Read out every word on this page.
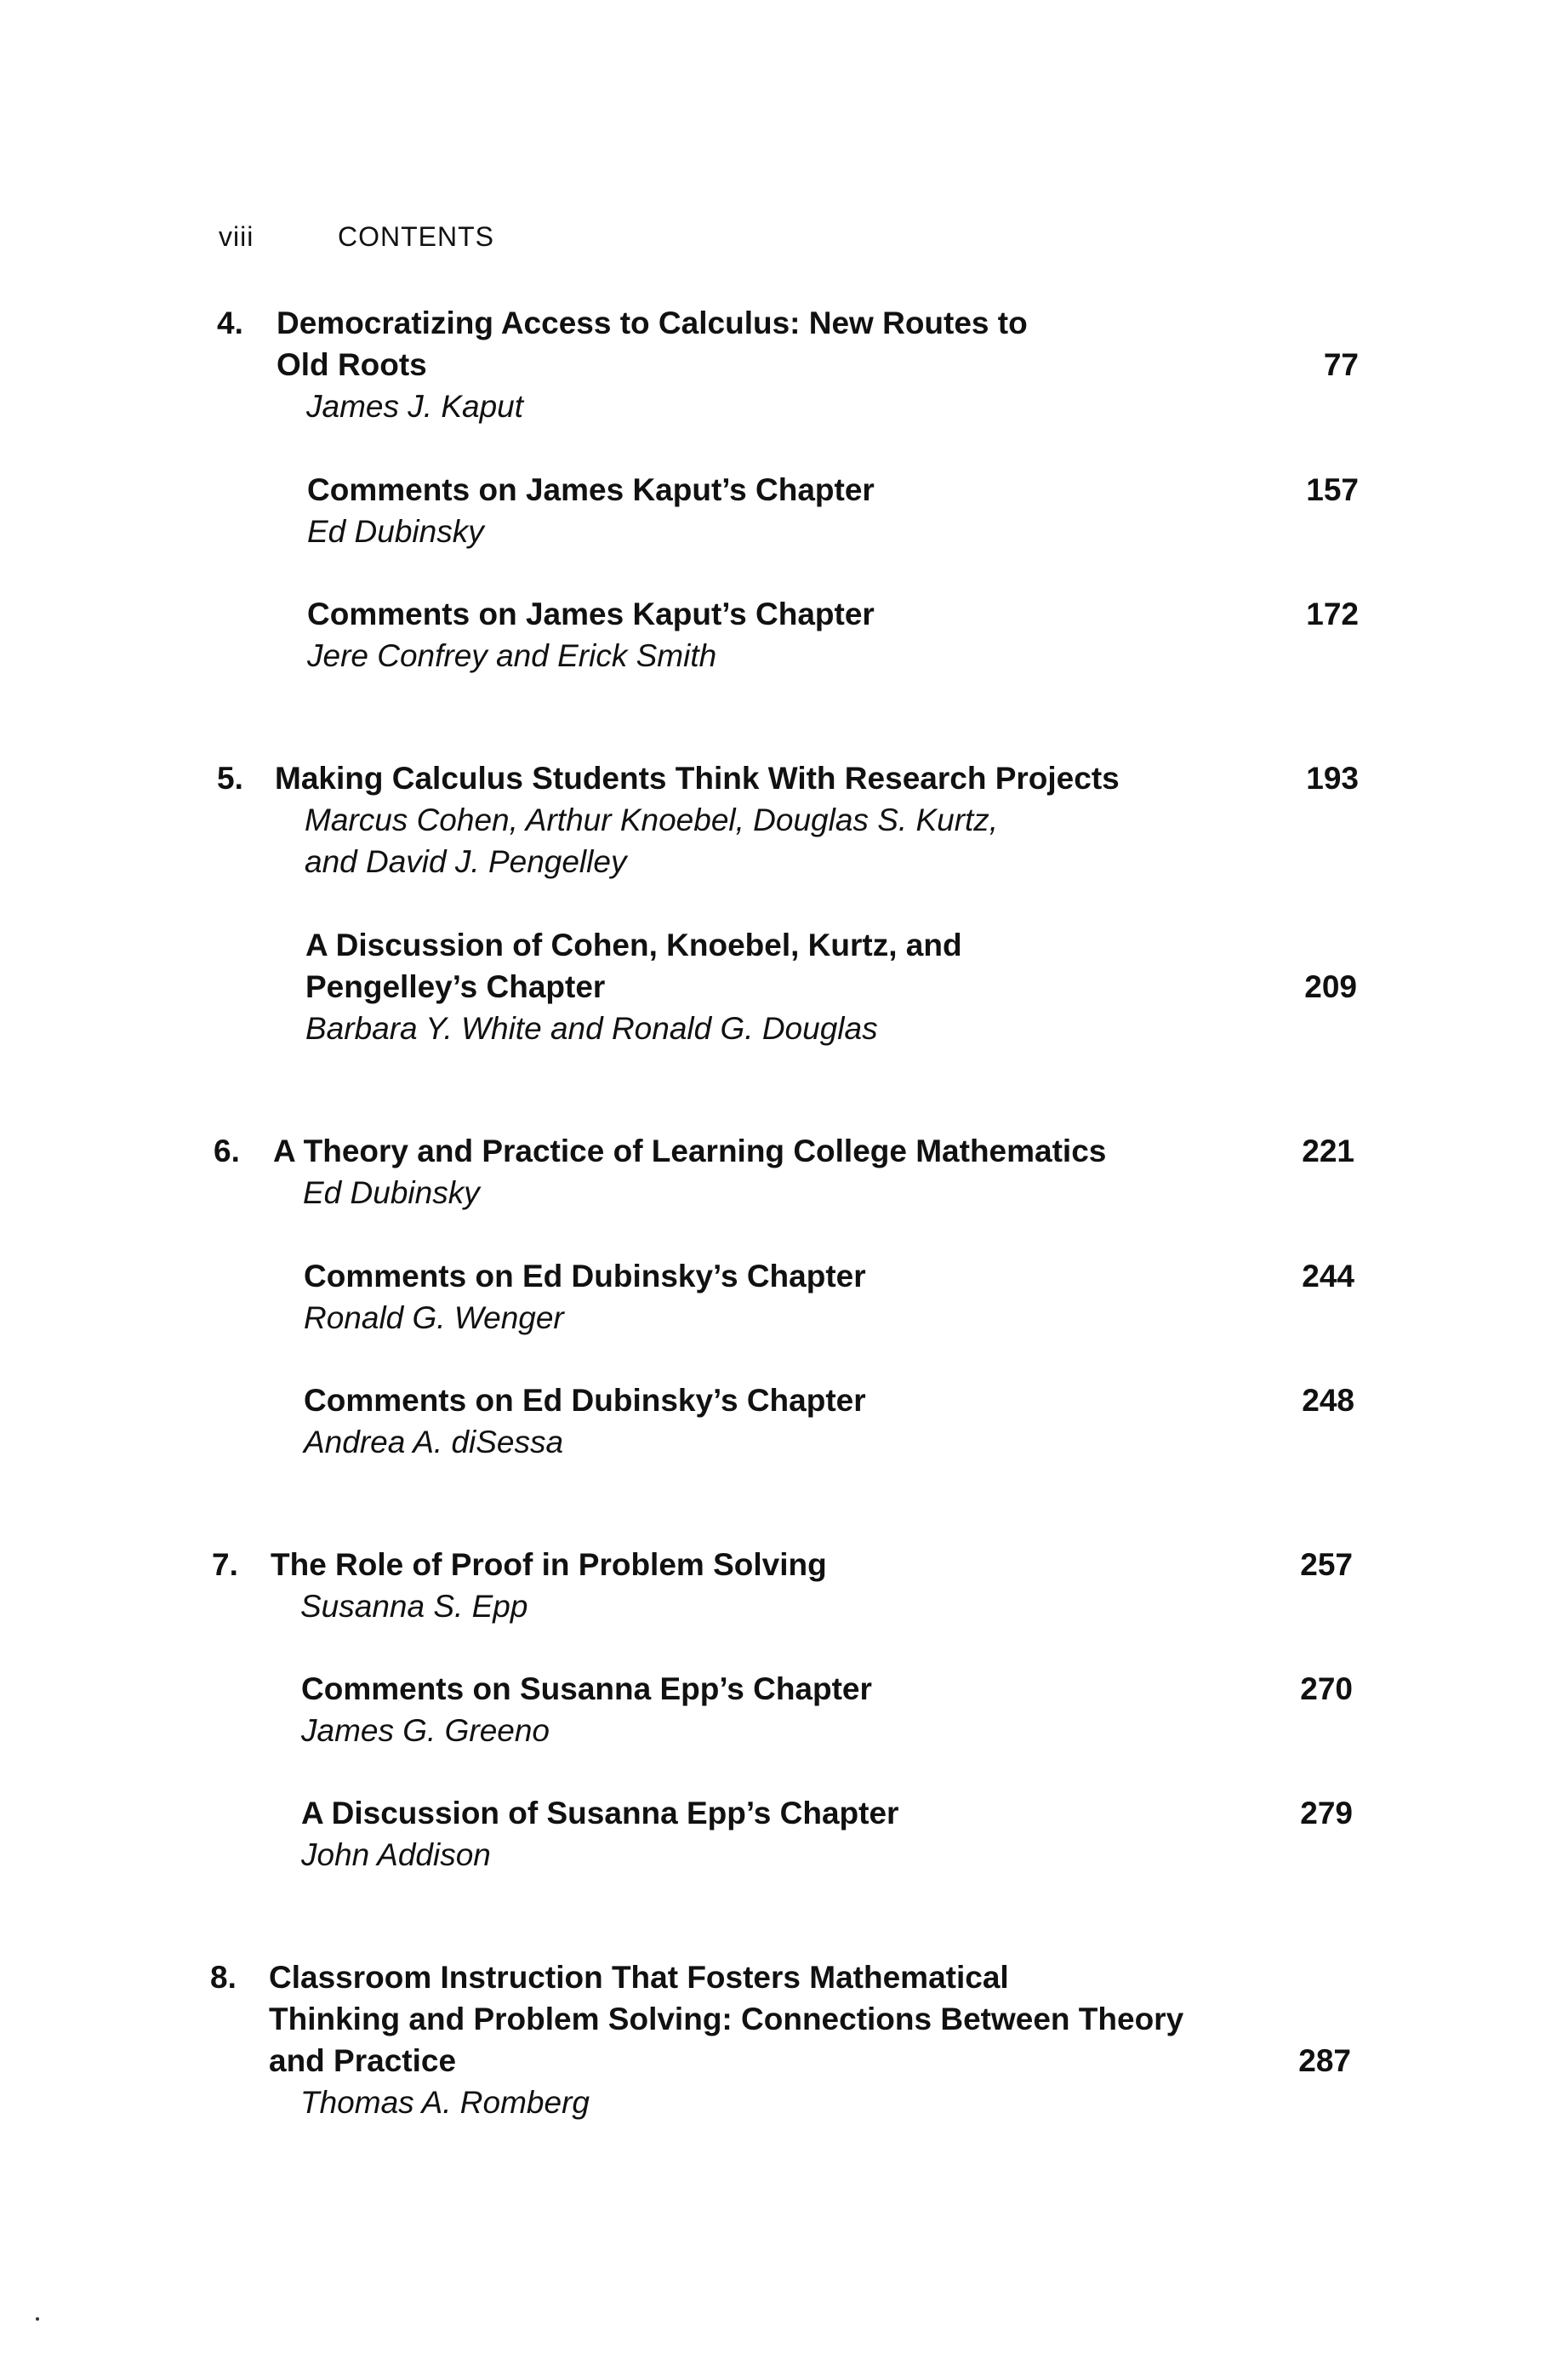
viii	CONTENTS
4. Democratizing Access to Calculus: New Routes to
Old Roots
James J. Kaput
77
Comments on James Kaput’s Chapter
Ed Dubinsky
157
Comments on James Kaput’s Chapter
Jere Confrey and Erick Smith
172
5. Making Calculus Students Think With Research Projects
Marcus Cohen, Arthur Knoebel, Douglas S. Kurtz,
and David J. Pengelley
193
A Discussion of Cohen, Knoebel, Kurtz, and
Pengelley’s Chapter
Barbara Y. White and Ronald G. Douglas
209
6. A Theory and Practice of Learning College Mathematics
Ed Dubinsky
221
Comments on Ed Dubinsky’s Chapter
Ronald G. Wenger
244
Comments on Ed Dubinsky’s Chapter
Andrea A. diSessa
248
7. The Role of Proof in Problem Solving
Susanna S. Epp
257
Comments on Susanna Epp’s Chapter
James G. Greeno
270
A Discussion of Susanna Epp’s Chapter
John Addison
279
8. Classroom Instruction That Fosters Mathematical
Thinking and Problem Solving: Connections Between Theory
and Practice
Thomas A. Romberg
287
